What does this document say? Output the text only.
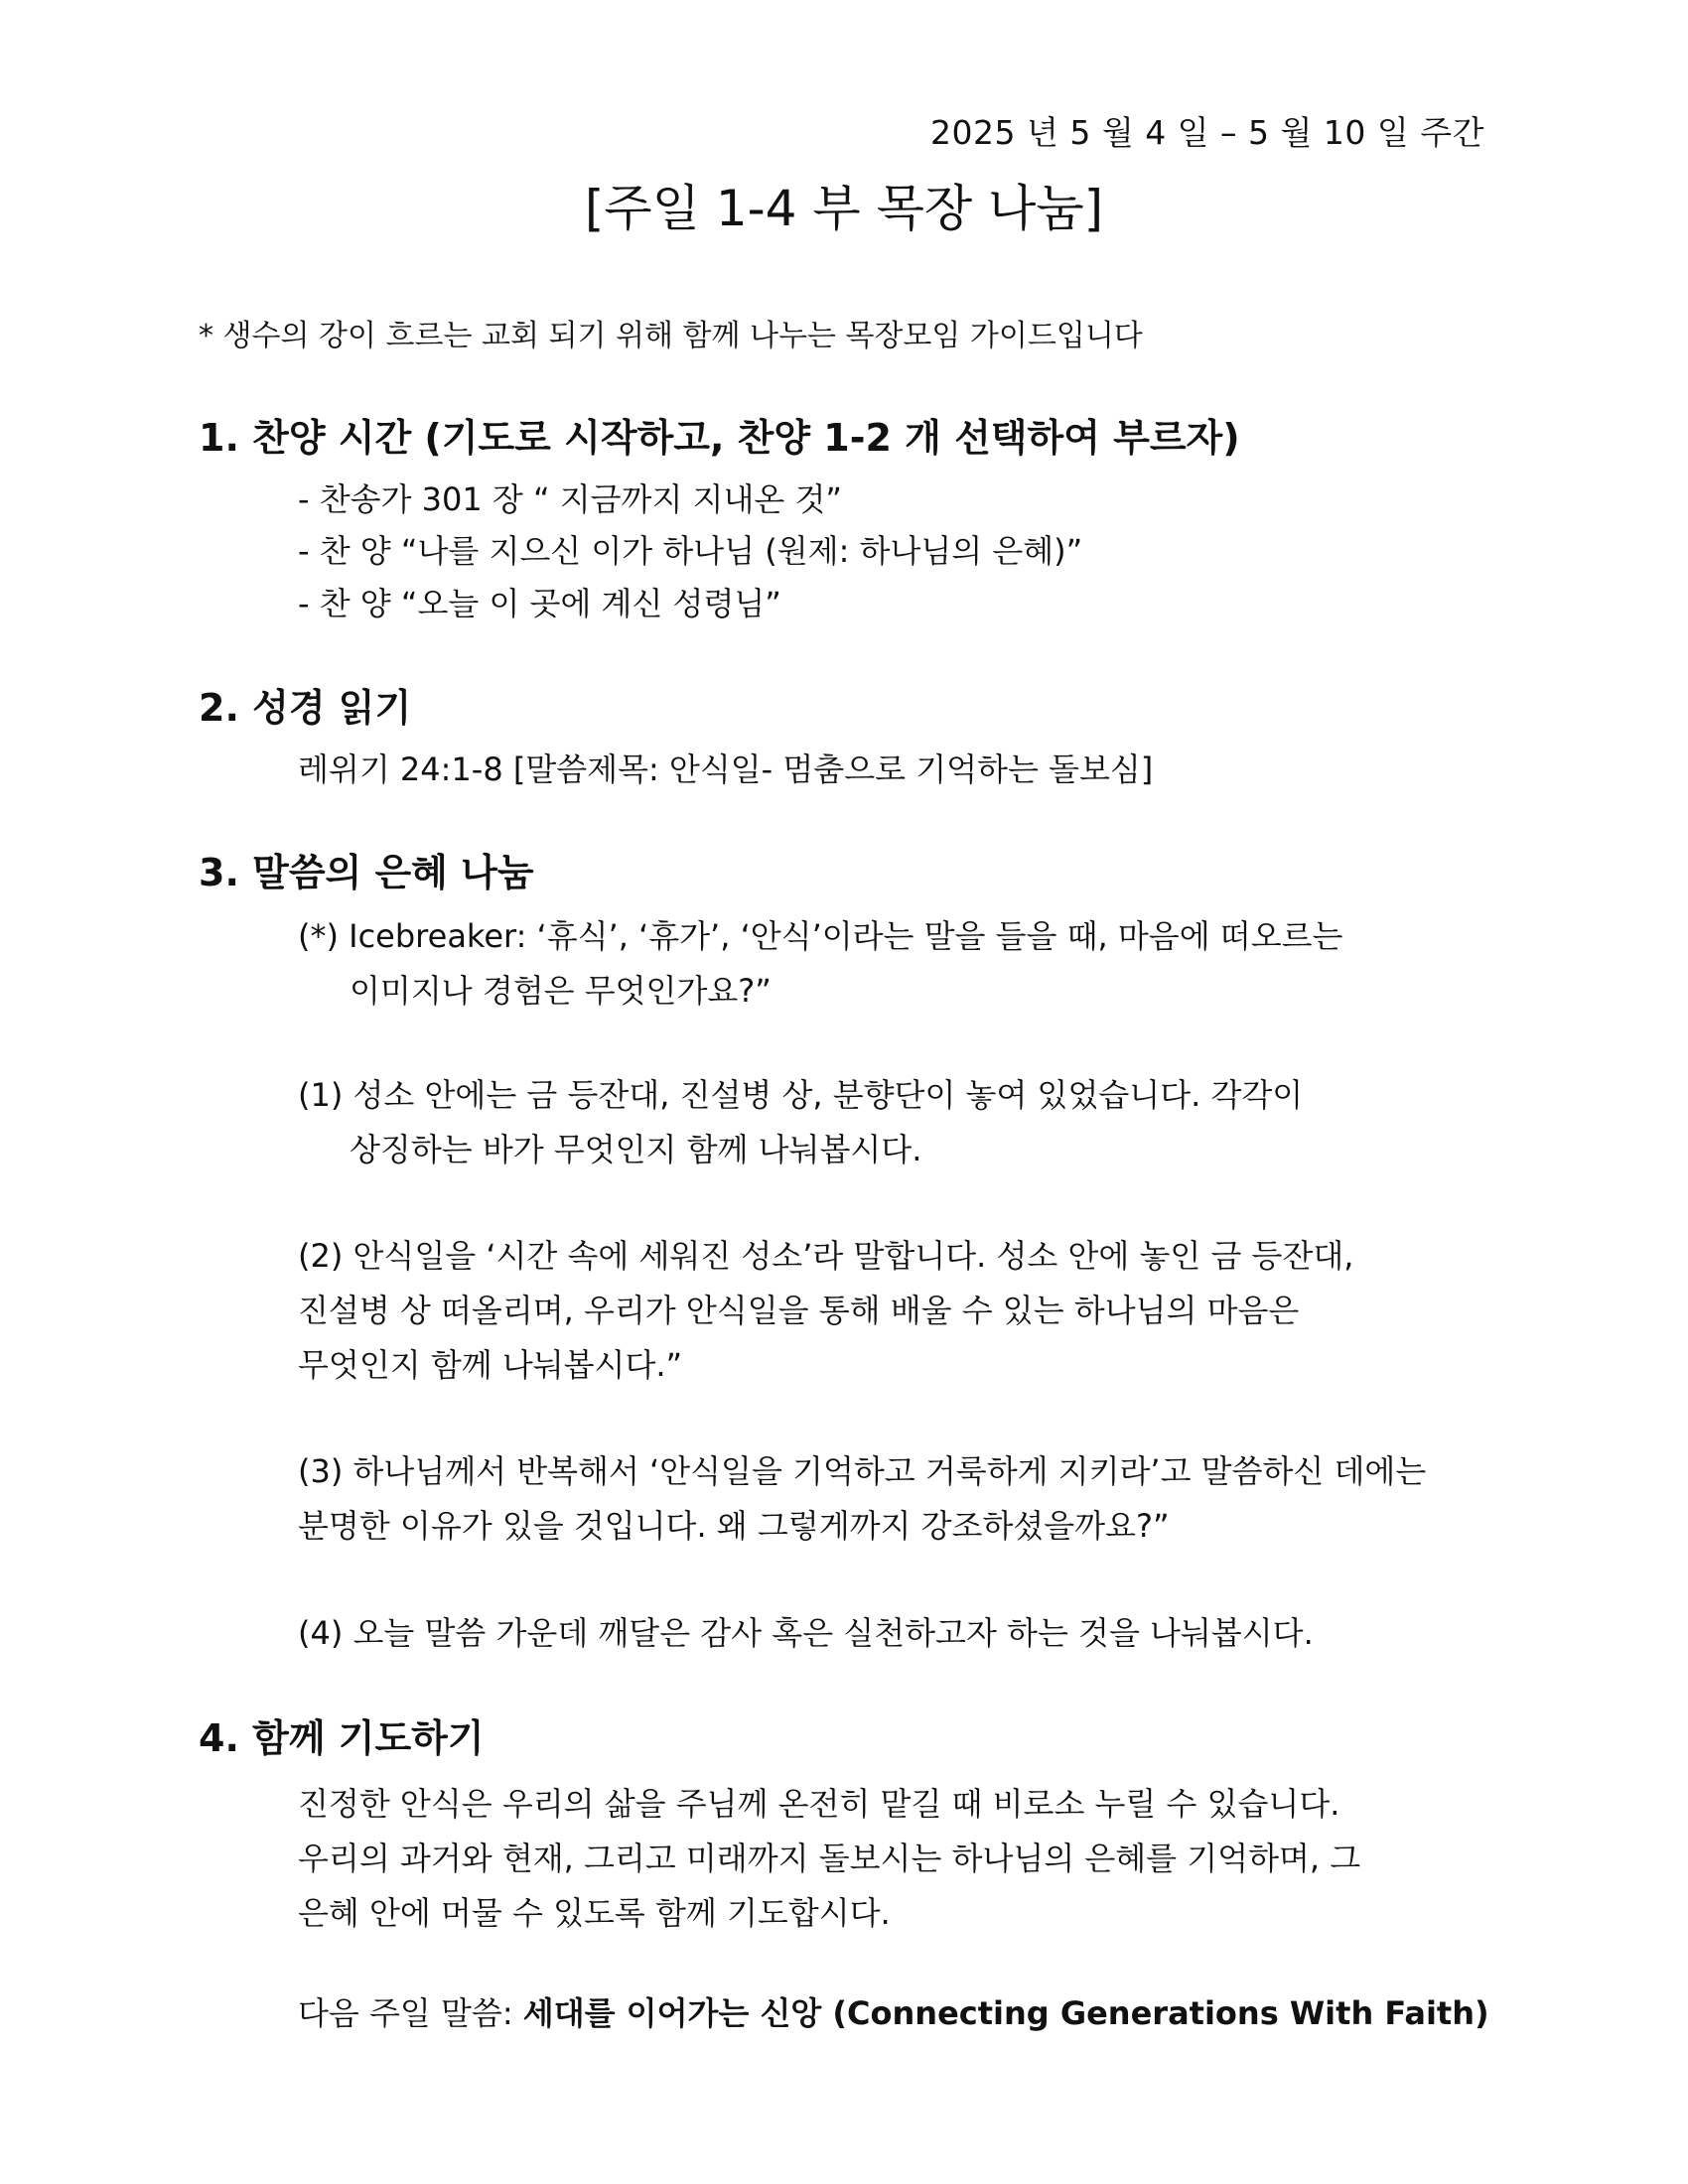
2025 년 5 월 4 일 – 5 월 10 일 주간
[주일 1-4 부 목장 나눔]
* 생수의 강이 흐르는 교회 되기 위해 함께 나누는 목장모임 가이드입니다
1. 찬양 시간 (기도로 시작하고, 찬양 1-2 개 선택하여 부르자)
- 찬송가 301 장 “ 지금까지 지내온 것”
- 찬 양 “나를 지으신 이가 하나님 (원제: 하나님의 은혜)”
- 찬 양 “오늘 이 곳에 계신 성령님”
2. 성경 읽기
레위기 24:1-8 [말씀제목: 안식일- 멈춤으로 기억하는 돌보심]
3. 말씀의 은혜 나눔
(*) Icebreaker: ‘휴식’, ‘휴가’, ‘안식’이라는 말을 들을 때, 마음에 떠오르는
이미지나 경험은 무엇인가요?”
(1) 성소 안에는 금 등잔대, 진설병 상, 분향단이 놓여 있었습니다. 각각이
상징하는 바가 무엇인지 함께 나눠봅시다.
(2) 안식일을 ‘시간 속에 세워진 성소’라 말합니다. 성소 안에 놓인 금 등잔대,
진설병 상 떠올리며, 우리가 안식일을 통해 배울 수 있는 하나님의 마음은
무엇인지 함께 나눠봅시다.”
(3) 하나님께서 반복해서 ‘안식일을 기억하고 거룩하게 지키라’고 말씀하신 데에는
분명한 이유가 있을 것입니다. 왜 그렇게까지 강조하셨을까요?”
(4) 오늘 말씀 가운데 깨달은 감사 혹은 실천하고자 하는 것을 나눠봅시다.
4. 함께 기도하기
진정한 안식은 우리의 삶을 주님께 온전히 맡길 때 비로소 누릴 수 있습니다.
우리의 과거와 현재, 그리고 미래까지 돌보시는 하나님의 은혜를 기억하며, 그
은혜 안에 머물 수 있도록 함께 기도합시다.
다음 주일 말씀: 세대를 이어가는 신앙 (Connecting Generations With Faith)
